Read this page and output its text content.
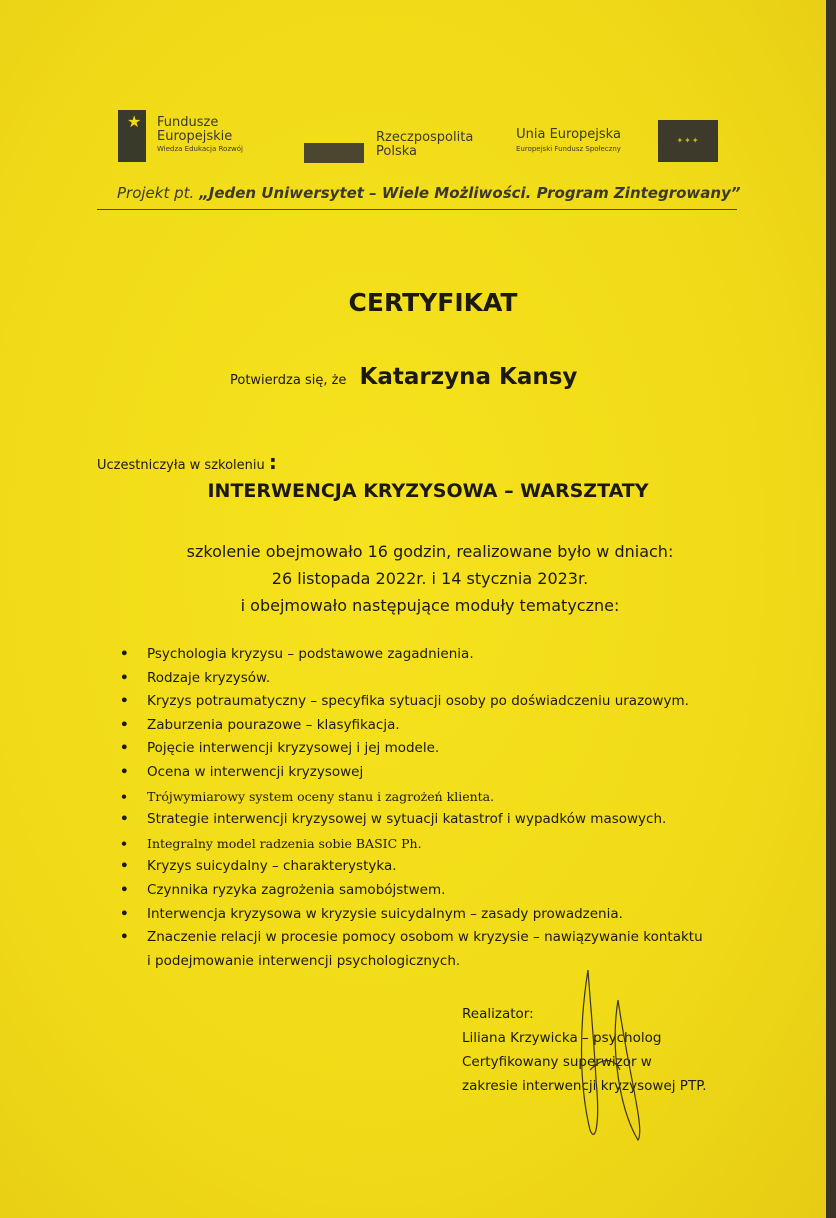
★
Fundusze
Europejskie
Wiedza Edukacja Rozwój
Rzeczpospolita
Polska
Unia Europejska
Europejski Fundusz Społeczny
✦✦✦
Projekt pt. „Jeden Uniwersytet – Wiele Możliwości. Program Zintegrowany”
CERTYFIKAT
Potwierdza się, że Katarzyna Kansy
Uczestniczyła w szkoleniu :
INTERWENCJA KRYZYSOWA – WARSZTATY
szkolenie obejmowało 16 godzin, realizowane było w dniach:
26 listopada 2022r. i 14 stycznia 2023r.
i obejmowało następujące moduły tematyczne:
• Psychologia kryzysu – podstawowe zagadnienia.
• Rodzaje kryzysów.
• Kryzys potraumatyczny – specyfika sytuacji osoby po doświadczeniu urazowym.
• Zaburzenia pourazowe – klasyfikacja.
• Pojęcie interwencji kryzysowej i jej modele.
• Ocena w interwencji kryzysowej
• Trójwymiarowy system oceny stanu i zagrożeń klienta.
• Strategie interwencji kryzysowej w sytuacji katastrof i wypadków masowych.
• Integralny model radzenia sobie BASIC Ph.
• Kryzys suicydalny – charakterystyka.
• Czynnika ryzyka zagrożenia samobójstwem.
• Interwencja kryzysowa w kryzysie suicydalnym – zasady prowadzenia.
• Znaczenie relacji w procesie pomocy osobom w kryzysie – nawiązywanie kontaktu i podejmowanie interwencji psychologicznych.
Realizator:
Liliana Krzywicka – psycholog
Certyfikowany superwizor w
zakresie interwencji kryzysowej PTP.
